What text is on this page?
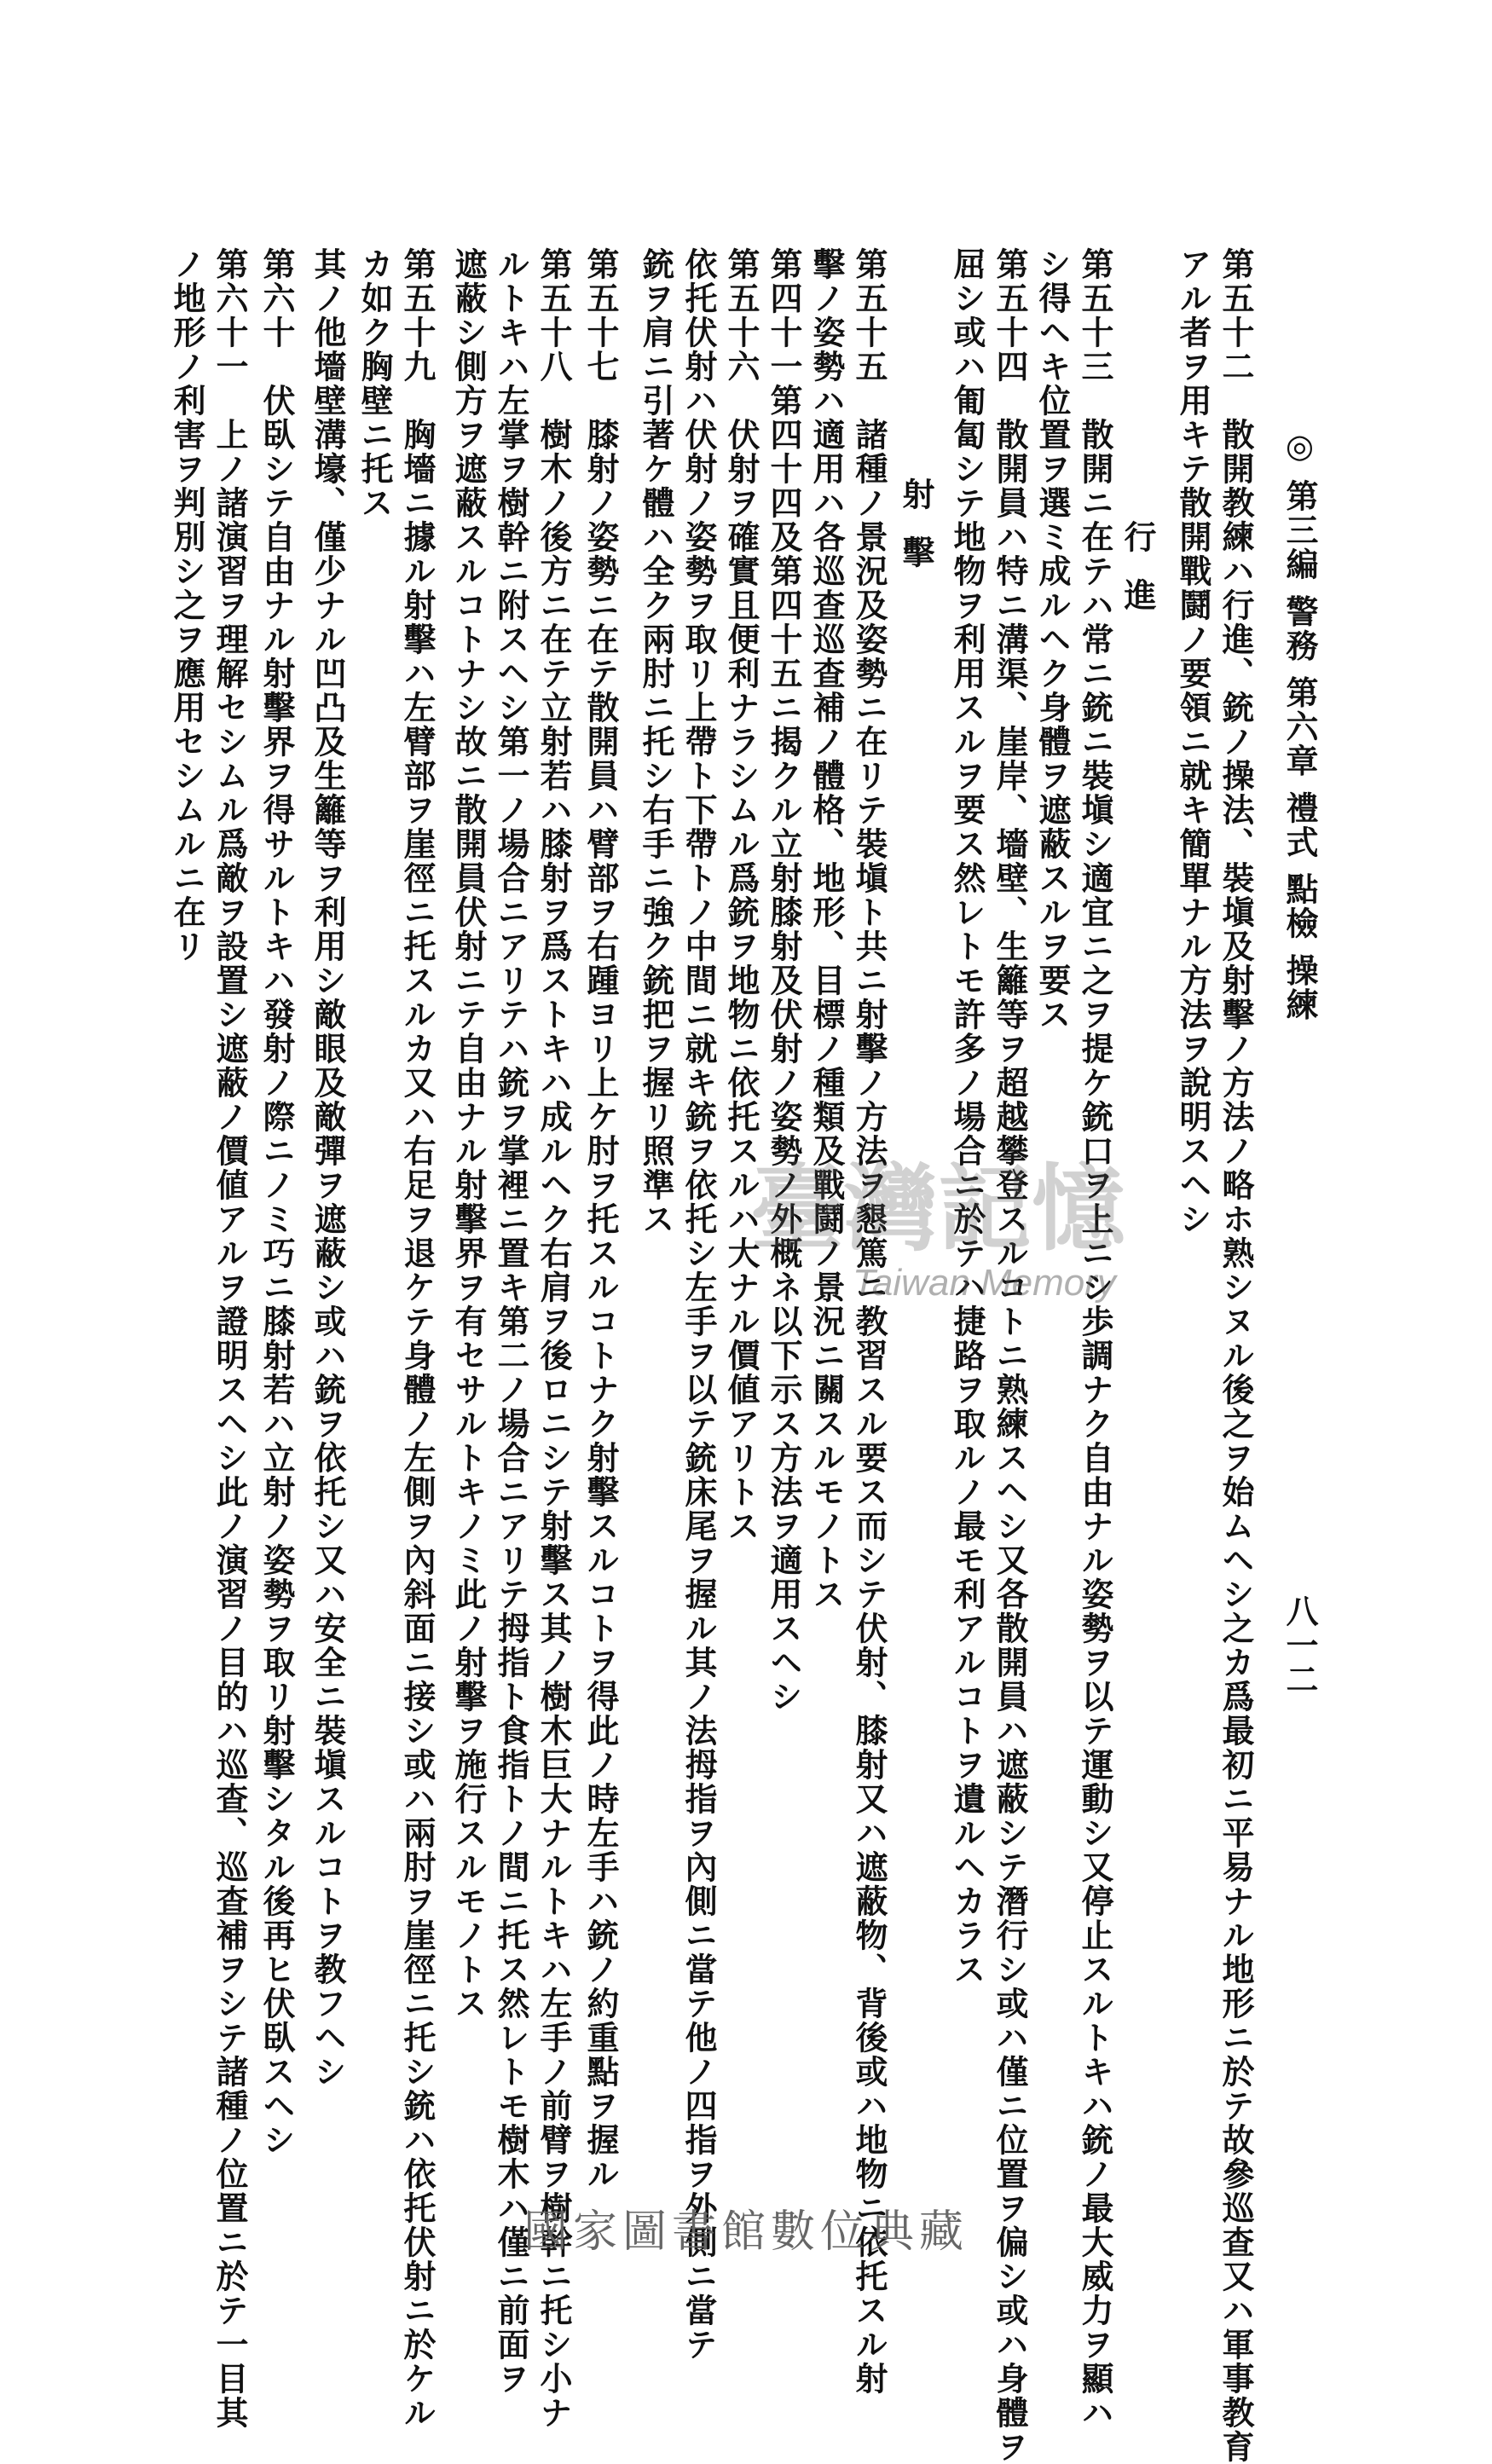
◎ 第三編 警務 第六章 禮式 點檢 操練
八一二
第五十二　散開教練ハ行進、銃ノ操法、裝塡及射擊ノ方法ノ略ホ熟シヌル後之ヲ始ムヘシ之カ爲最初ニ平易ナル地形ニ於テ故參巡查又ハ軍事教育
アル者ヲ用キテ散開戰鬪ノ要領ニ就キ簡單ナル方法ヲ說明スヘシ
行進
第五十三　散開ニ在テハ常ニ銃ニ裝塡シ適宜ニ之ヲ提ケ銃口ヲ上ニシ歩調ナク自由ナル姿勢ヲ以テ運動シ又停止スルトキハ銃ノ最大威力ヲ顯ハ
シ得ヘキ位置ヲ選ミ成ルヘク身體ヲ遮蔽スルヲ要ス
第五十四　散開員ハ特ニ溝渠、崖岸、墻壁、生籬等ヲ超越攀登スルコトニ熟練スヘシ又各散開員ハ遮蔽シテ潛行シ或ハ僅ニ位置ヲ偏シ或ハ身體ヲ
屈シ或ハ匍匐シテ地物ヲ利用スルヲ要ス然レトモ許多ノ場合ニ於テハ捷路ヲ取ルノ最モ利アルコトヲ遺ルヘカラス
射擊
第五十五　諸種ノ景況及姿勢ニ在リテ裝塡ト共ニ射擊ノ方法ヲ懇篤ニ教習スル要ス而シテ伏射、膝射又ハ遮蔽物、背後或ハ地物ニ依托スル射
擊ノ姿勢ハ適用ハ各巡查巡查補ノ體格、地形、目標ノ種類及戰鬪ノ景況ニ關スルモノトス
第四十一第四十四及第四十五ニ揭クル立射膝射及伏射ノ姿勢ノ外概ネ以下示ス方法ヲ適用スヘシ
第五十六　伏射ヲ確實且便利ナラシムル爲銃ヲ地物ニ依托スルハ大ナル價値アリトス
依托伏射ハ伏射ノ姿勢ヲ取リ上帶ト下帶トノ中間ニ就キ銃ヲ依托シ左手ヲ以テ銃床尾ヲ握ル其ノ法拇指ヲ內側ニ當テ他ノ四指ヲ外側ニ當テ
銃ヲ肩ニ引著ケ體ハ全ク兩肘ニ托シ右手ニ強ク銃把ヲ握リ照準ス
第五十七　膝射ノ姿勢ニ在テ散開員ハ臂部ヲ右踵ヨリ上ケ肘ヲ托スルコトナク射擊スルコトヲ得此ノ時左手ハ銃ノ約重點ヲ握ル
第五十八　樹木ノ後方ニ在テ立射若ハ膝射ヲ爲ストキハ成ルヘク右肩ヲ後ロニシテ射擊ス其ノ樹木巨大ナルトキハ左手ノ前臂ヲ樹幹ニ托シ小ナ
ルトキハ左掌ヲ樹幹ニ附スヘシ第一ノ場合ニアリテハ銃ヲ掌裡ニ置キ第二ノ場合ニアリテ拇指ト食指トノ間ニ托ス然レトモ樹木ハ僅ニ前面ヲ
遮蔽シ側方ヲ遮蔽スルコトナシ故ニ散開員伏射ニテ自由ナル射擊界ヲ有セサルトキノミ此ノ射擊ヲ施行スルモノトス
第五十九　胸墻ニ據ル射擊ハ左臂部ヲ崖徑ニ托スルカ又ハ右足ヲ退ケテ身體ノ左側ヲ內斜面ニ接シ或ハ兩肘ヲ崖徑ニ托シ銃ハ依托伏射ニ於ケル
カ如ク胸壁ニ托ス
其ノ他墻壁溝壕、僅少ナル凹凸及生籬等ヲ利用シ敵眼及敵彈ヲ遮蔽シ或ハ銃ヲ依托シ又ハ安全ニ裝塡スルコトヲ教フヘシ
第六十　伏臥シテ自由ナル射擊界ヲ得サルトキハ發射ノ際ニノミ巧ニ膝射若ハ立射ノ姿勢ヲ取リ射擊シタル後再ヒ伏臥スヘシ
第六十一　上ノ諸演習ヲ理解セシムル爲敵ヲ設置シ遮蔽ノ價値アルヲ證明スヘシ此ノ演習ノ目的ハ巡查、巡查補ヲシテ諸種ノ位置ニ於テ一目其
ノ地形ノ利害ヲ判別シ之ヲ應用セシムルニ在リ
臺灣記憶
Taiwan Memory
國家圖書館數位典藏
